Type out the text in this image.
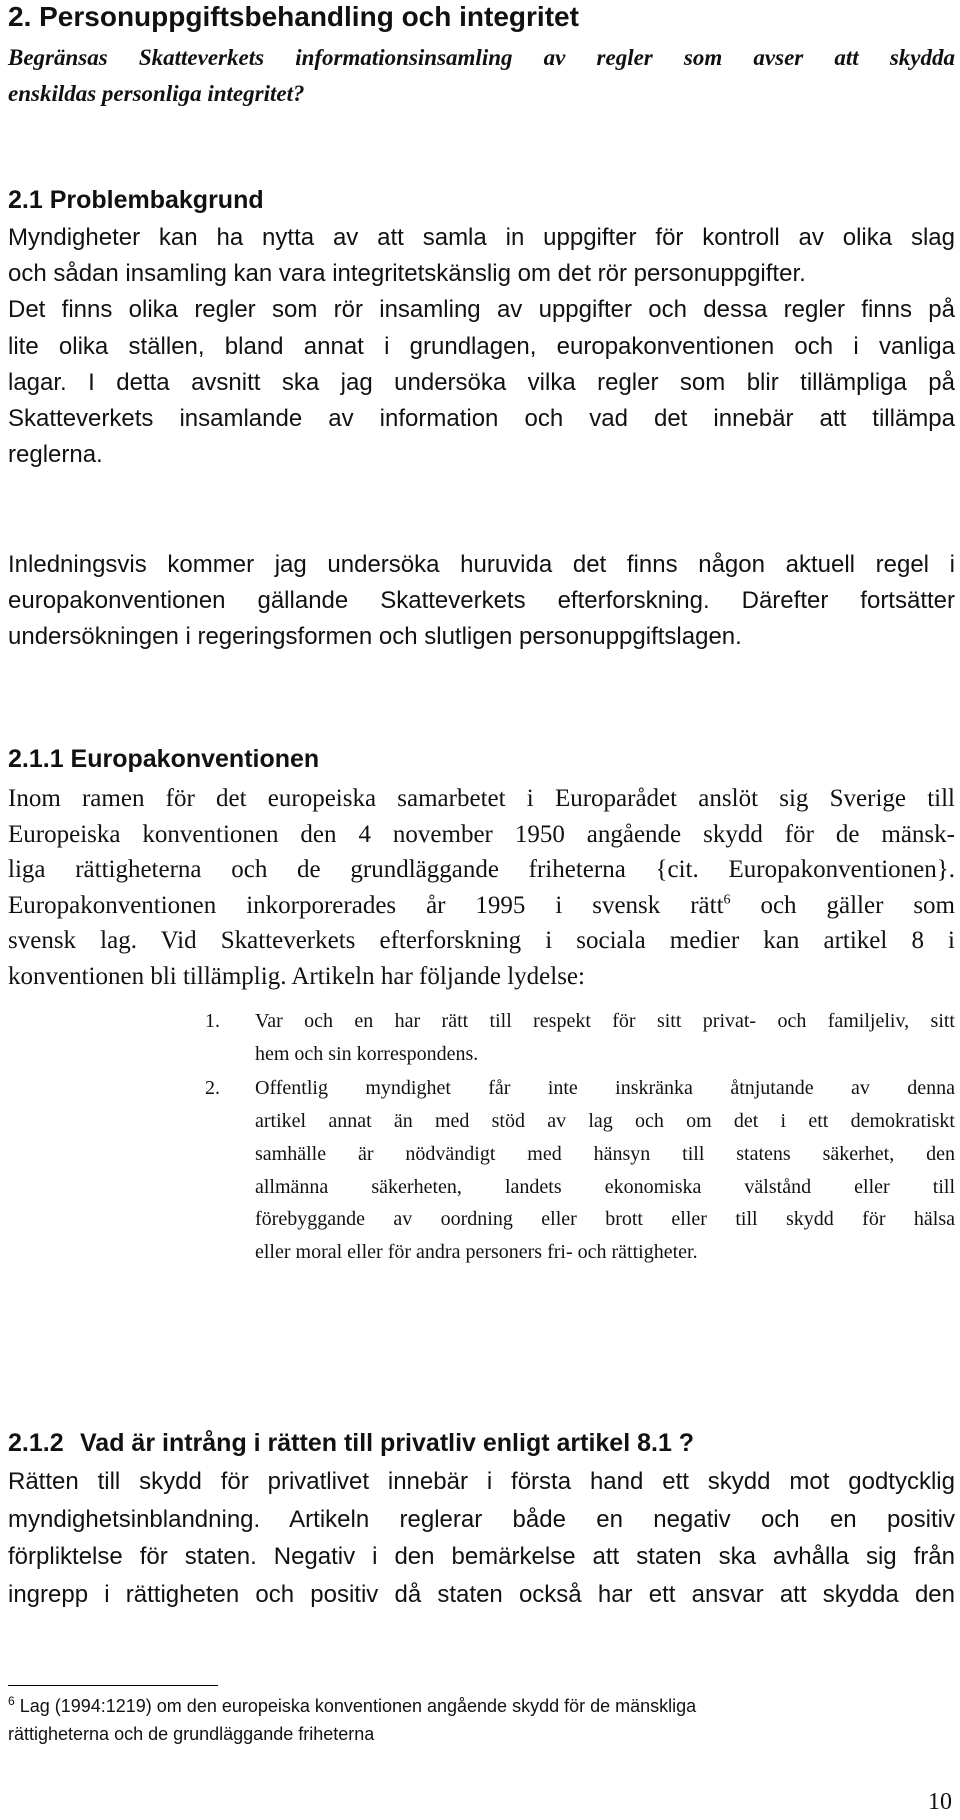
2. Personuppgiftsbehandling och integritet
Begränsas Skatteverkets informationsinsamling av regler som avser att skydda
enskildas personliga integritet?
2.1 Problembakgrund
Myndigheter kan ha nytta av att samla in uppgifter för kontroll av olika slag
och sådan insamling kan vara integritetskänslig om det rör personuppgifter.
Det finns olika regler som rör insamling av uppgifter och dessa regler finns på
lite olika ställen, bland annat i grundlagen, europakonventionen och i vanliga
lagar. I detta avsnitt ska jag undersöka vilka regler som blir tillämpliga på
Skatteverkets insamlande av information och vad det innebär att tillämpa
reglerna.
Inledningsvis kommer jag undersöka huruvida det finns någon aktuell regel i
europakonventionen gällande Skatteverkets efterforskning. Därefter fortsätter
undersökningen i regeringsformen och slutligen personuppgiftslagen.
2.1.1 Europakonventionen
Inom ramen för det europeiska samarbetet i Europarådet anslöt sig Sverige till
Europeiska konventionen den 4 november 1950 angående skydd för de mänsk-
liga rättigheterna och de grundläggande friheterna {cit. Europakonventionen}.
Europakonventionen inkorporerades år 1995 i svensk rätt$^6$ och gäller som
svensk lag. Vid Skatteverkets efterforskning i sociala medier kan artikel 8 i
konventionen bli tillämplig. Artikeln har följande lydelse:
1. Var och en har rätt till respekt för sitt privat- och familjeliv, sitt
hem och sin korrespondens.
2. Offentlig myndighet får inte inskränka åtnjutande av denna
artikel annat än med stöd av lag och om det i ett demokratiskt
samhälle är nödvändigt med hänsyn till statens säkerhet, den
allmänna säkerheten, landets ekonomiska välstånd eller till
förebyggande av oordning eller brott eller till skydd för hälsa
eller moral eller för andra personers fri- och rättigheter.
2.1.2 Vad är intrång i rätten till privatliv enligt artikel 8.1 ?
Rätten till skydd för privatlivet innebär i första hand ett skydd mot godtycklig
myndighetsinblandning. Artikeln reglerar både en negativ och en positiv
förpliktelse för staten. Negativ i den bemärkelse att staten ska avhålla sig från
ingrepp i rättigheten och positiv då staten också har ett ansvar att skydda den
$^6$ Lag (1994:1219) om den europeiska konventionen angående skydd för de mänskliga
rättigheterna och de grundläggande friheterna
10
